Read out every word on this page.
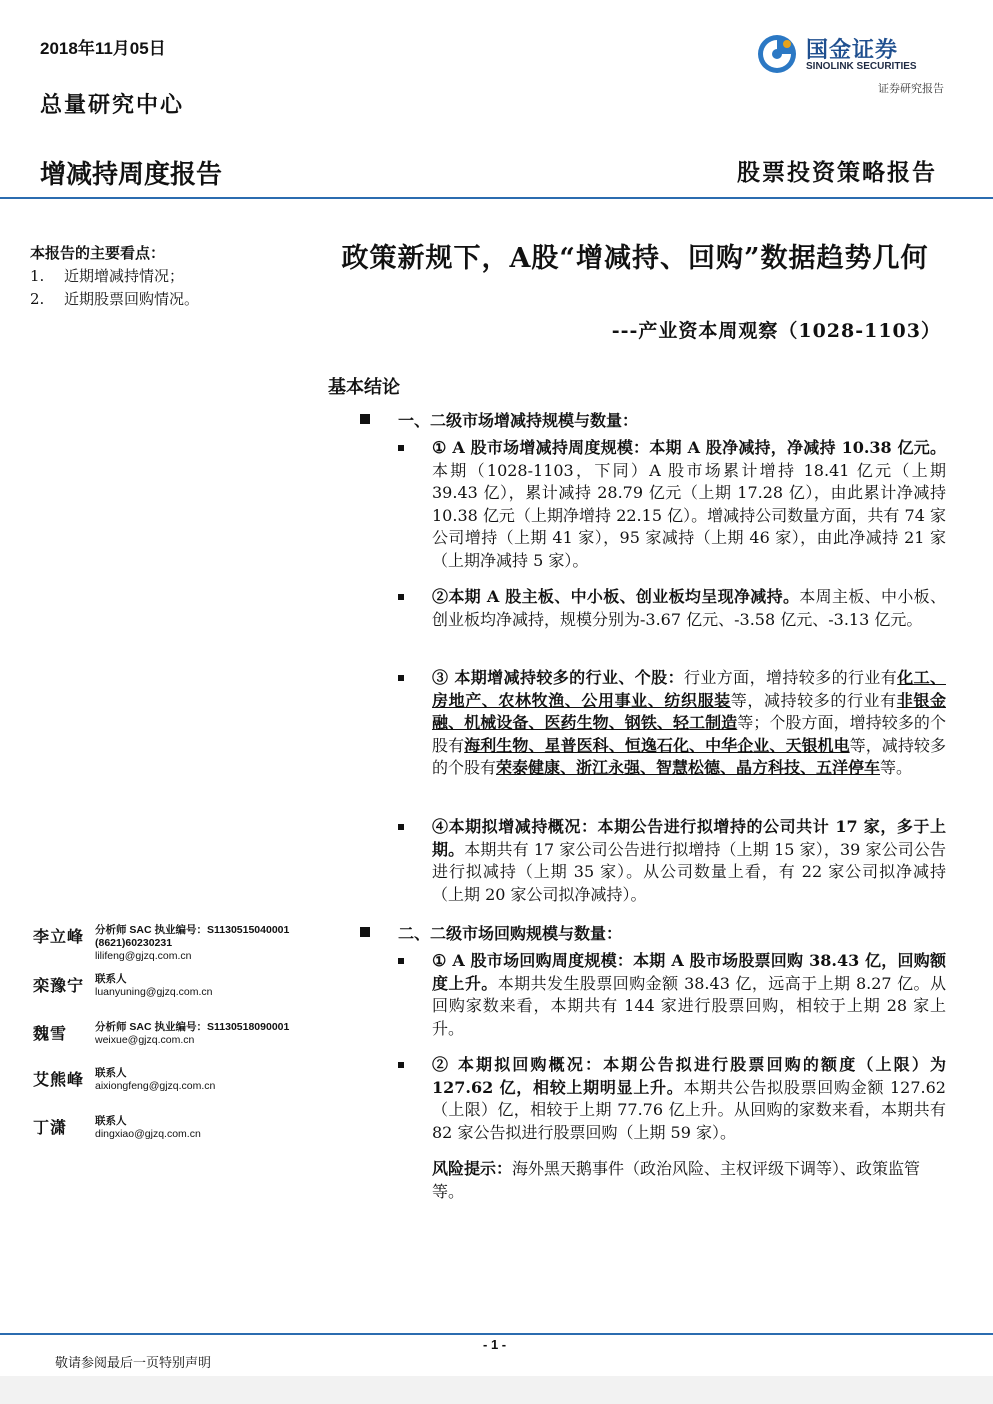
2018年11月05日
总量研究中心
国金证券
SINOLINK SECURITIES
证券研究报告
增减持周度报告	股票投资策略报告
本报告的主要看点：
1.	近期增减持情况；
2.	近期股票回购情况。
政策新规下，A股“增减持、回购”数据趋势几何
---产业资本周观察（1028-1103）
基本结论
一、二级市场增减持规模与数量：
① A 股市场增减持周度规模：本期 A 股净减持，净减持 10.38 亿元。本期（1028-1103，下同）A 股市场累计增持 18.41 亿元（上期 39.43 亿），累计减持 28.79 亿元（上期 17.28 亿），由此累计净减持 10.38 亿元（上期净增持 22.15 亿）。增减持公司数量方面，共有 74 家公司增持（上期 41 家），95 家减持（上期 46 家），由此净减持 21 家（上期净减持 5 家）。
②本期 A 股主板、中小板、创业板均呈现净减持。本周主板、中小板、创业板均净减持，规模分别为-3.67 亿元、-3.58 亿元、-3.13 亿元。
③ 本期增减持较多的行业、个股：行业方面，增持较多的行业有化工、房地产、农林牧渔、公用事业、纺织服装等，减持较多的行业有非银金融、机械设备、医药生物、钢铁、轻工制造等；个股方面，增持较多的个股有海利生物、星普医科、恒逸石化、中华企业、天银机电等，减持较多的个股有荣泰健康、浙江永强、智慧松德、晶方科技、五洋停车等。
④本期拟增减持概况：本期公告进行拟增持的公司共计 17 家，多于上期。本期共有 17 家公司公告进行拟增持（上期 15 家），39 家公司公告进行拟减持（上期 35 家）。从公司数量上看，有 22 家公司拟净减持（上期 20 家公司拟净减持）。
二、二级市场回购规模与数量：
① A 股市场回购周度规模：本期 A 股市场股票回购 38.43 亿，回购额度上升。本期共发生股票回购金额 38.43 亿，远高于上期 8.27 亿。从回购家数来看，本期共有 144 家进行股票回购，相较于上期 28 家上升。
② 本期拟回购概况：本期公告拟进行股票回购的额度（上限）为 127.62 亿，相较上期明显上升。本期共公告拟股票回购金额 127.62（上限）亿，相较于上期 77.76 亿上升。从回购的家数来看，本期共有 82 家公告拟进行股票回购（上期 59 家）。
风险提示：海外黑天鹅事件（政治风险、主权评级下调等）、政策监管等。
李立峰	分析师 SAC 执业编号：S1130515040001
(8621)60230231
lilifeng@gjzq.com.cn
栾豫宁	联系人
luanyuning@gjzq.com.cn
魏雪	分析师 SAC 执业编号：S1130518090001
weixue@gjzq.com.cn
艾熊峰	联系人
aixiongfeng@gjzq.com.cn
丁潇	联系人
dingxiao@gjzq.com.cn
- 1 -
敬请参阅最后一页特别声明
